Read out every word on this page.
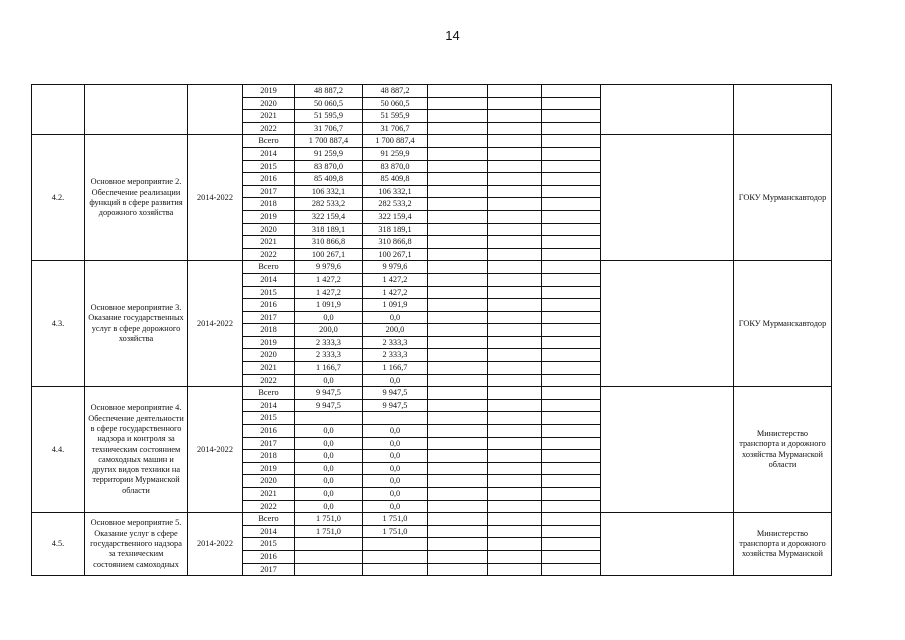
14
			2019	48 887,2	48 887,2					
			2020	50 060,5	50 060,5					
			2021	51 595,9	51 595,9					
			2022	31 706,7	31 706,7					
4.2.	Основное мероприятие 2. Обеспечение реализации функций в сфере развития дорожного хозяйства	2014-2022	Всего	1 700 887,4	1 700 887,4					ГОКУ Мурманскавтодор
			2014	91 259,9	91 259,9					
			2015	83 870,0	83 870,0					
			2016	85 409,8	85 409,8					
			2017	106 332,1	106 332,1					
			2018	282 533,2	282 533,2					
			2019	322 159,4	322 159,4					
			2020	318 189,1	318 189,1					
			2021	310 866,8	310 866,8					
			2022	100 267,1	100 267,1					
4.3.	Основное мероприятие 3. Оказание государственных услуг в сфере дорожного хозяйства	2014-2022	Всего	9 979,6	9 979,6					ГОКУ Мурманскавтодор
			2014	1 427,2	1 427,2					
			2015	1 427,2	1 427,2					
			2016	1 091,9	1 091,9					
			2017	0,0	0,0					
			2018	200,0	200,0					
			2019	2 333,3	2 333,3					
			2020	2 333,3	2 333,3					
			2021	1 166,7	1 166,7					
			2022	0,0	0,0					
4.4.	Основное мероприятие 4. Обеспечение деятельности в сфере государственного надзора и контроля за техническим состоянием самоходных машин и других видов техники на территории Мурманской области	2014-2022	Всего	9 947,5	9 947,5					Министерство транспорта и дорожного хозяйства Мурманской области
			2014	9 947,5	9 947,5					
			2015							
			2016	0,0	0,0					
			2017	0,0	0,0					
			2018	0,0	0,0					
			2019	0,0	0,0					
			2020	0,0	0,0					
			2021	0,0	0,0					
			2022	0,0	0,0					
4.5.	Основное мероприятие 5. Оказание услуг в сфере государственного надзора за техническим состоянием самоходных	2014-2022	Всего	1 751,0	1 751,0					Министерство транспорта и дорожного хозяйства Мурманской
			2014	1 751,0	1 751,0					
			2015							
			2016							
			2017							
